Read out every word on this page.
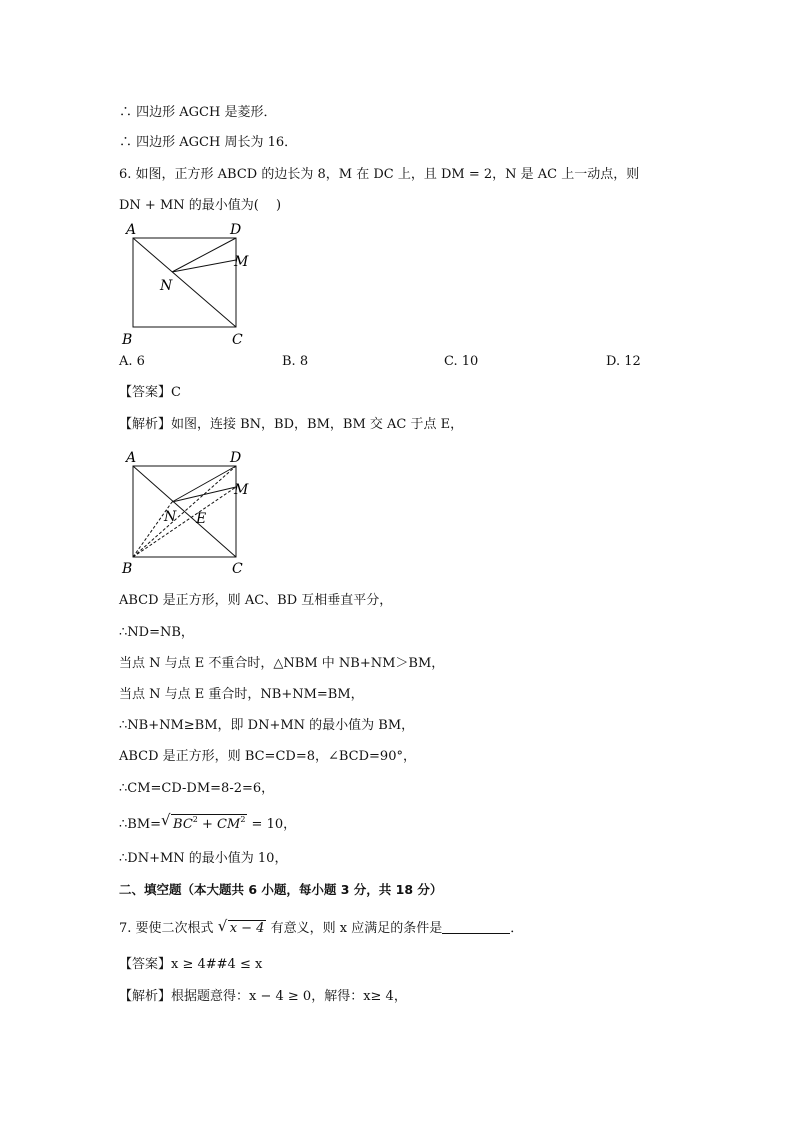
∴ 四边形 AGCH 是菱形．
∴ 四边形 AGCH 周长为 16．
6. 如图，正方形 ABCD 的边长为 8，M 在 DC 上，且 DM = 2，N 是 AC 上一动点，则
DN + MN 的最小值为(　 )
A	D
M
N
B	C
A. 6	B. 8	C. 10	D. 12
【答案】C
【解析】如图，连接 BN，BD，BM，BM 交 AC 于点 E，
A	D
M
N E
B	C
ABCD 是正方形，则 AC、BD 互相垂直平分，
∴ND=NB，
当点 N 与点 E 不重合时，△NBM 中 NB+NM＞BM，
当点 N 与点 E 重合时，NB+NM=BM，
∴NB+NM≥BM，即 DN+MN 的最小值为 BM，
ABCD 是正方形，则 BC=CD=8，∠BCD=90°，
∴CM=CD-DM=8-2=6，
∴BM= √ $BC^2 + CM^2 = 10$，
∴DN+MN 的最小值为 10，
二、填空题（本大题共 6 小题，每小题 3 分，共 18 分）
7. 要使二次根式 √ x − 4 有意义，则 x 应满足的条件是	．
【答案】x ≥ 4##4 ≤ x
【解析】根据题意得：x − 4 ≥ 0，解得：x≥ 4，
